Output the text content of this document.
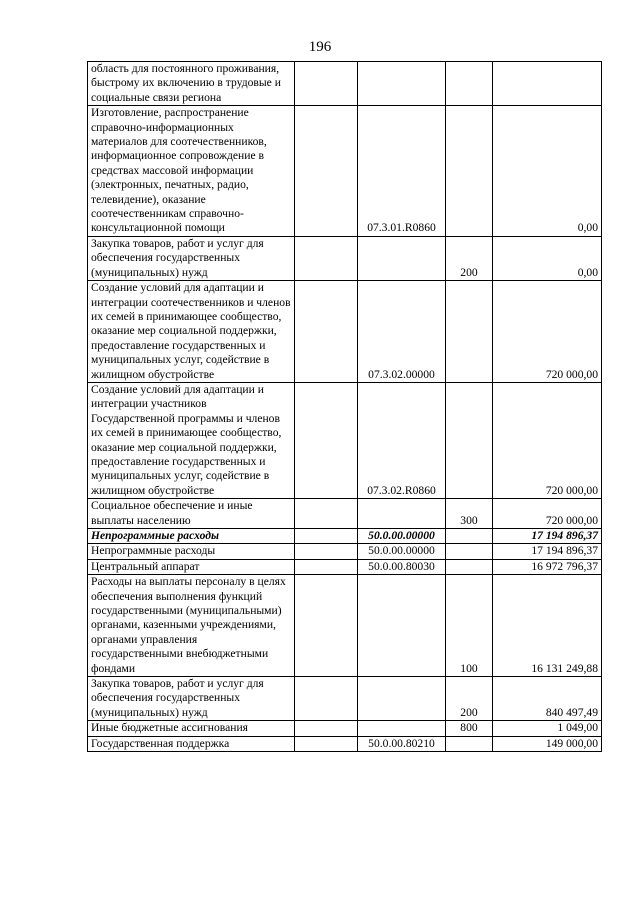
196
область для постоянного проживания, быстрому их включению в трудовые и социальные связи региона				
Изготовление, распространение справочно-информационных материалов для соотечественников, информационное сопровождение в средствах массовой информации (электронных, печатных, радио, телевидение), оказание соотечественникам справочно-консультационной помощи		07.3.01.R0860		0,00
Закупка товаров, работ и услуг для обеспечения государственных (муниципальных) нужд			200	0,00
Создание условий для адаптации и интеграции соотечественников и членов их семей в принимающее сообщество, оказание мер социальной поддержки, предоставление государственных и муниципальных услуг, содействие в жилищном обустройстве		07.3.02.00000		720 000,00
Создание условий для адаптации и интеграции участников Государственной программы и членов их семей в принимающее сообщество, оказание мер социальной поддержки, предоставление государственных и муниципальных услуг, содействие в жилищном обустройстве		07.3.02.R0860		720 000,00
Социальное обеспечение и иные выплаты населению			300	720 000,00
Непрограммные расходы		50.0.00.00000		17 194 896,37
Непрограммные расходы		50.0.00.00000		17 194 896,37
Центральный аппарат		50.0.00.80030		16 972 796,37
Расходы на выплаты персоналу в целях обеспечения выполнения функций государственными (муниципальными) органами, казенными учреждениями, органами управления государственными внебюджетными фондами			100	16 131 249,88
Закупка товаров, работ и услуг для обеспечения государственных (муниципальных) нужд			200	840 497,49
Иные бюджетные ассигнования			800	1 049,00
Государственная поддержка		50.0.00.80210		149 000,00
